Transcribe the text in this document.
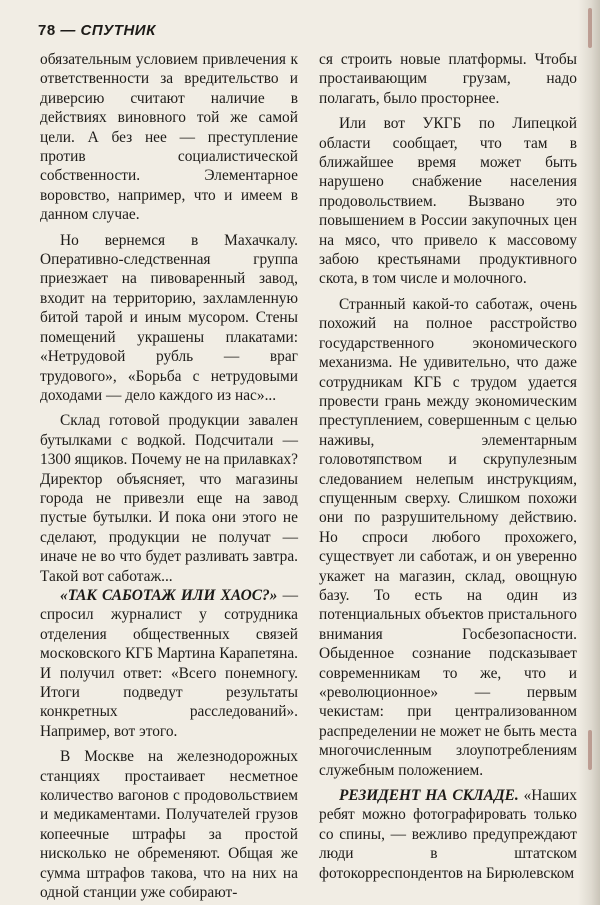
78 — СПУТНИК

обязательным условием привлечения к ответственности за вредительство и диверсию считают наличие в действиях виновного той же самой цели. А без нее — преступление против социалистической собственности. Элементарное воровство, например, что и имеем в данном случае.

Но вернемся в Махачкалу. Оперативно-следственная группа приезжает на пивоваренный завод, входит на территорию, захламленную битой тарой и иным мусором. Стены помещений украшены плакатами: «Нетрудовой рубль — враг трудового», «Борьба с нетрудовыми доходами — дело каждого из нас»...

Склад готовой продукции завален бутылками с водкой. Подсчитали — 1300 ящиков. Почему не на прилавках? Директор объясняет, что магазины города не привезли еще на завод пустые бутылки. И пока они этого не сделают, продукции не получат — иначе не во что будет разливать завтра. Такой вот саботаж...

«ТАК САБОТАЖ ИЛИ ХАОС?» — спросил журналист у сотрудника отделения общественных связей московского КГБ Мартина Карапетяна. И получил ответ: «Всего понемногу. Итоги подведут результаты конкретных расследований». Например, вот этого.

В Москве на железнодорожных станциях простаивает несметное количество вагонов с продовольствием и медикаментами. Получателей грузов копеечные штрафы за простой нисколько не обременяют. Общая же сумма штрафов такова, что на них на одной станции уже собирают-

ся строить новые платформы. Чтобы простаивающим грузам, надо полагать, было просторнее.

Или вот УКГБ по Липецкой области сообщает, что там в ближайшее время может быть нарушено снабжение населения продовольствием. Вызвано это повышением в России закупочных цен на мясо, что привело к массовому забою крестьянами продуктивного скота, в том числе и молочного.

Странный какой-то саботаж, очень похожий на полное расстройство государственного экономического механизма. Не удивительно, что даже сотрудникам КГБ с трудом удается провести грань между экономическим преступлением, совершенным с целью наживы, элементарным головотяпством и скрупулезным следованием нелепым инструкциям, спущенным сверху. Слишком похожи они по разрушительному действию. Но спроси любого прохожего, существует ли саботаж, и он уверенно укажет на магазин, склад, овощную базу. То есть на один из потенциальных объектов пристального внимания Госбезопасности. Обыденное сознание подсказывает современникам то же, что и «революционное» — первым чекистам: при централизованном распределении не может не быть места многочисленным злоупотреблениям служебным положением.

РЕЗИДЕНТ НА СКЛАДЕ. «Наших ребят можно фотографировать только со спины, — вежливо предупреждают люди в штатском фотокорреспондентов на Бирюлевском
